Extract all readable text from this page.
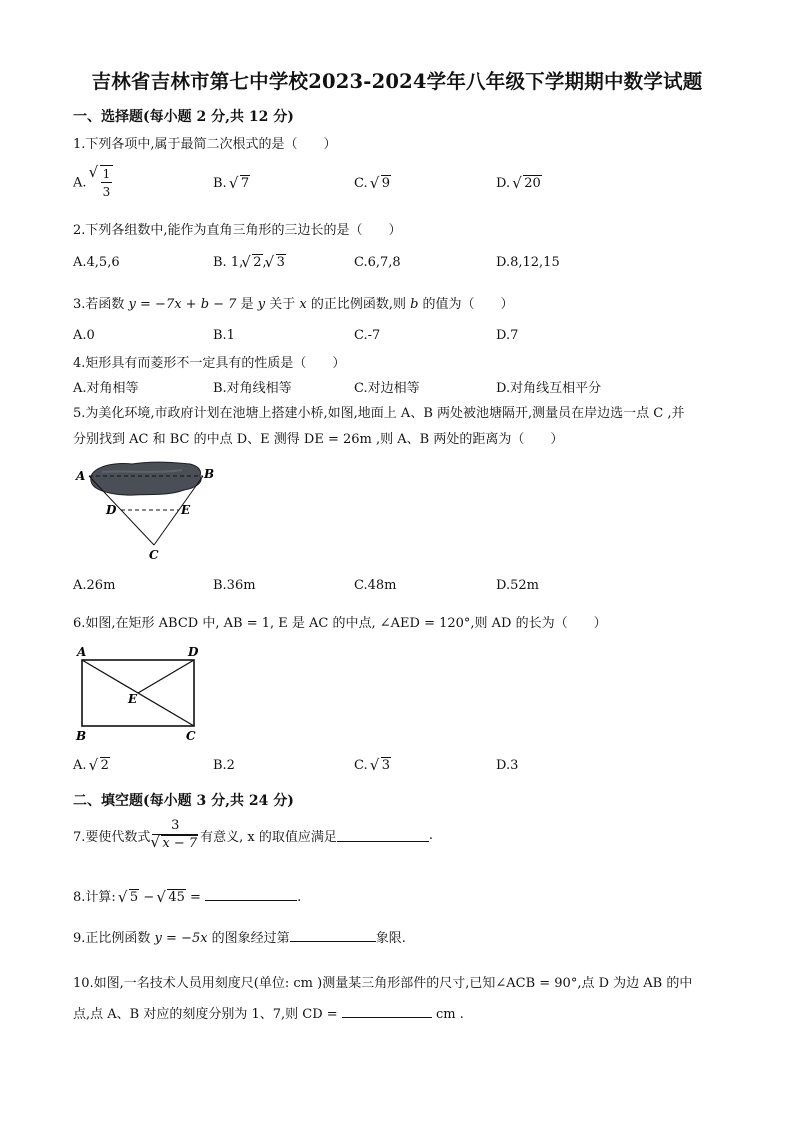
吉林省吉林市第七中学校2023-2024学年八年级下学期期中数学试题
一、选择题(每小题 2 分,共 12 分)
1.下列各项中,属于最简二次根式的是（　　）
A. √ $\frac{1}{3}$	B. √ 7	C. √ 9	D. √ 20
2.下列各组数中,能作为直角三角形的三边长的是（　　）
A.4,5,6	B. 1, √ 2, √ 3	C.6,7,8	D.8,12,15
3.若函数 y = −7x + b − 7 是 y 关于 x 的正比例函数,则 b 的值为（　　）
A.0	B.1	C.-7	D.7
4.矩形具有而菱形不一定具有的性质是（　　）
A.对角相等	B.对角线相等	C.对边相等	D.对角线互相平分
5.为美化环境,市政府计划在池塘上搭建小桥,如图,地面上 A、B 两处被池塘隔开,测量员在岸边选一点 C ,并
分别找到 AC 和 BC 的中点 D、E 测得 DE = 26m ,则 A、B 两处的距离为（　　）
A	B
D	E
C
A.26m	B.36m	C.48m	D.52m
6.如图,在矩形 ABCD 中, AB = 1, E 是 AC 的中点, ∠AED = 120°,则 AD 的长为（　　）
A	D
E
B	C
A. √ 2	B.2	C. √ 3	D.3
二、填空题(每小题 3 分,共 24 分)
7.要使代数式 3
√ x − 7 有意义, x 的取值应满足	.
8.计算: √ 5 − √ 45 =	.
9.正比例函数 y = −5x 的图象经过第	象限.
10.如图,一名技术人员用刻度尺(单位: cm )测量某三角形部件的尺寸,已知∠ACB = 90°,点 D 为边 AB 的中
点,点 A、B 对应的刻度分别为 1、7,则 CD =	cm .
